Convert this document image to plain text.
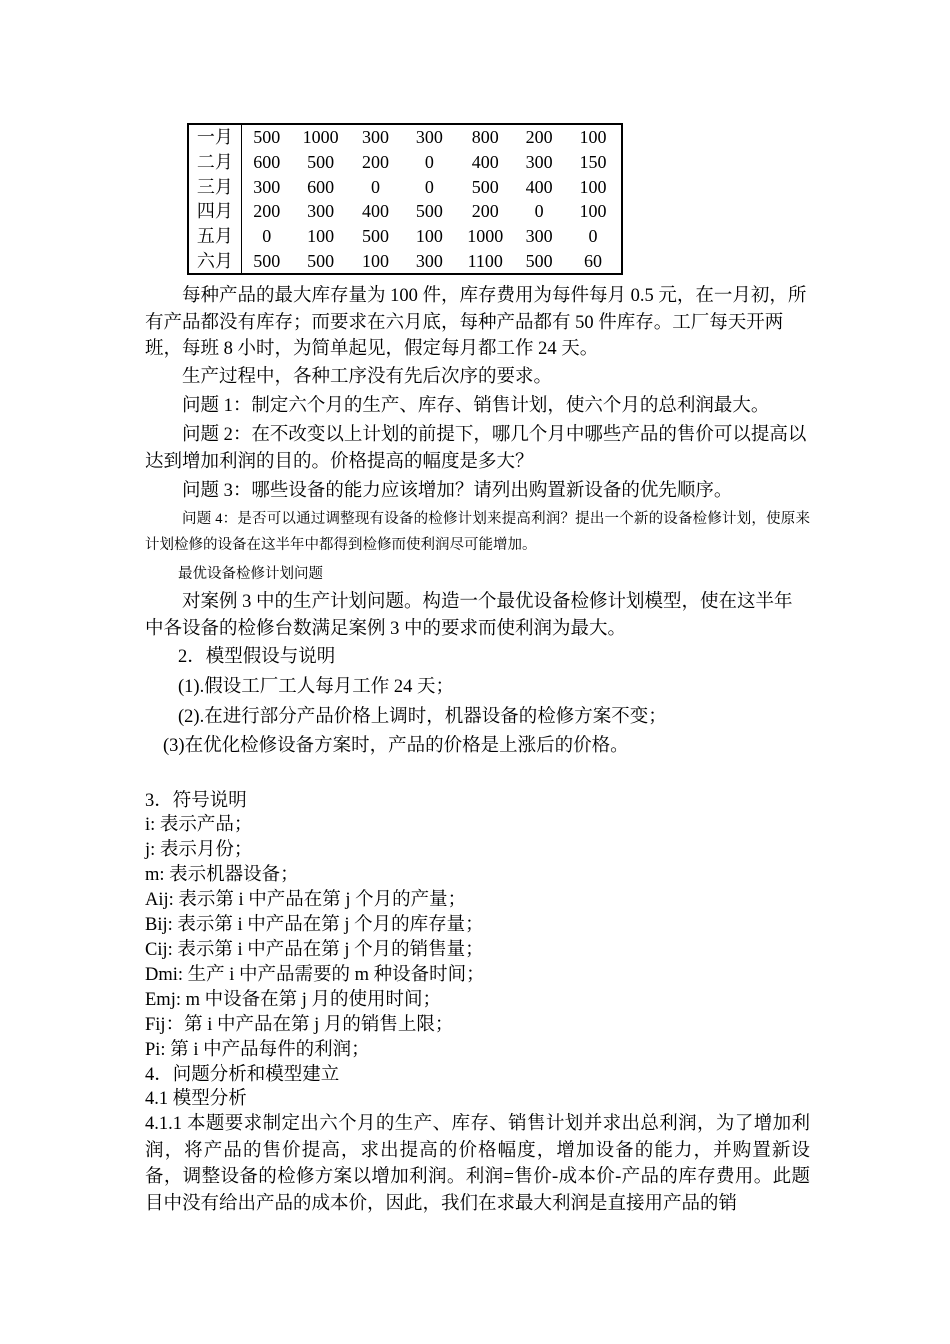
一月	500	1000	300	300	800	200	100
二月	600	500	200	0	400	300	150
三月	300	600	0	0	500	400	100
四月	200	300	400	500	200	0	100
五月	0	100	500	100	1000	300	0
六月	500	500	100	300	1100	500	60

每种产品的最大库存量为 100 件，库存费用为每件每月 0.5 元，在一月初，所有产品都没有库存；而要求在六月底，每种产品都有 50 件库存。工厂每天开两班，每班 8 小时，为简单起见，假定每月都工作 24 天。

生产过程中，各种工序没有先后次序的要求。

问题 1：制定六个月的生产、库存、销售计划，使六个月的总利润最大。

问题 2：在不改变以上计划的前提下，哪几个月中哪些产品的售价可以提高以达到增加利润的目的。价格提高的幅度是多大？

问题 3：哪些设备的能力应该增加？请列出购置新设备的优先顺序。

问题 4：是否可以通过调整现有设备的检修计划来提高利润？提出一个新的设备检修计划，使原来计划检修的设备在这半年中都得到检修而使利润尽可能增加。

最优设备检修计划问题

对案例 3 中的生产计划问题。构造一个最优设备检修计划模型，使在这半年中各设备的检修台数满足案例 3 中的要求而使利润为最大。

2．模型假设与说明

(1).假设工厂工人每月工作 24 天；

(2).在进行部分产品价格上调时，机器设备的检修方案不变；

(3)在优化检修设备方案时，产品的价格是上涨后的价格。

3．符号说明

i: 表示产品；

j: 表示月份；

m: 表示机器设备；

Aij: 表示第 i 中产品在第 j 个月的产量；

Bij: 表示第 i 中产品在第 j 个月的库存量；

Cij: 表示第 i 中产品在第 j 个月的销售量；

Dmi: 生产 i 中产品需要的 m 种设备时间；

Emj: m 中设备在第 j 月的使用时间；

Fij：第 i 中产品在第 j 月的销售上限；

Pi: 第 i 中产品每件的利润；

4．问题分析和模型建立

4.1 模型分析

4.1.1 本题要求制定出六个月的生产、库存、销售计划并求出总利润，为了增加利润，将产品的售价提高，求出提高的价格幅度，增加设备的能力，并购置新设备，调整设备的检修方案以增加利润。利润=售价-成本价-产品的库存费用。此题目中没有给出产品的成本价，因此，我们在求最大利润是直接用产品的销
